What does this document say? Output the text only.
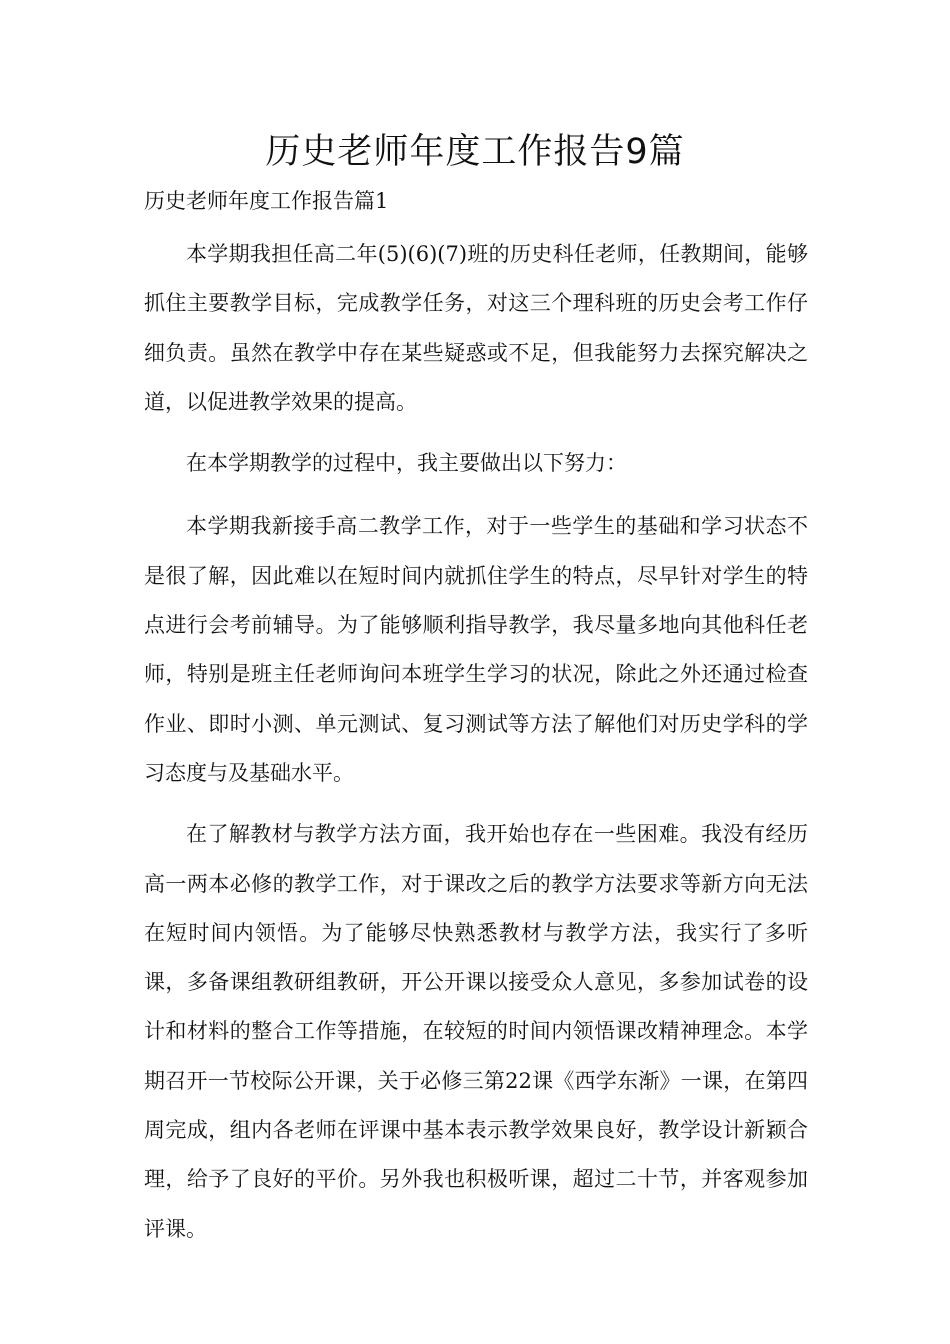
历史老师年度工作报告9篇
历史老师年度工作报告篇1

本学期我担任高二年(5)(6)(7)班的历史科任老师，任教期间，能够抓住主要教学目标，完成教学任务，对这三个理科班的历史会考工作仔细负责。虽然在教学中存在某些疑惑或不足，但我能努力去探究解决之道，以促进教学效果的提高。

在本学期教学的过程中，我主要做出以下努力：

本学期我新接手高二教学工作，对于一些学生的基础和学习状态不是很了解，因此难以在短时间内就抓住学生的特点，尽早针对学生的特点进行会考前辅导。为了能够顺利指导教学，我尽量多地向其他科任老师，特别是班主任老师询问本班学生学习的状况，除此之外还通过检查作业、即时小测、单元测试、复习测试等方法了解他们对历史学科的学习态度与及基础水平。

在了解教材与教学方法方面，我开始也存在一些困难。我没有经历高一两本必修的教学工作，对于课改之后的教学方法要求等新方向无法在短时间内领悟。为了能够尽快熟悉教材与教学方法，我实行了多听课，多备课组教研组教研，开公开课以接受众人意见，多参加试卷的设计和材料的整合工作等措施，在较短的时间内领悟课改精神理念。本学期召开一节校际公开课，关于必修三第22课《西学东渐》一课，在第四周完成，组内各老师在评课中基本表示教学效果良好，教学设计新颖合理，给予了良好的平价。另外我也积极听课，超过二十节，并客观参加评课。
